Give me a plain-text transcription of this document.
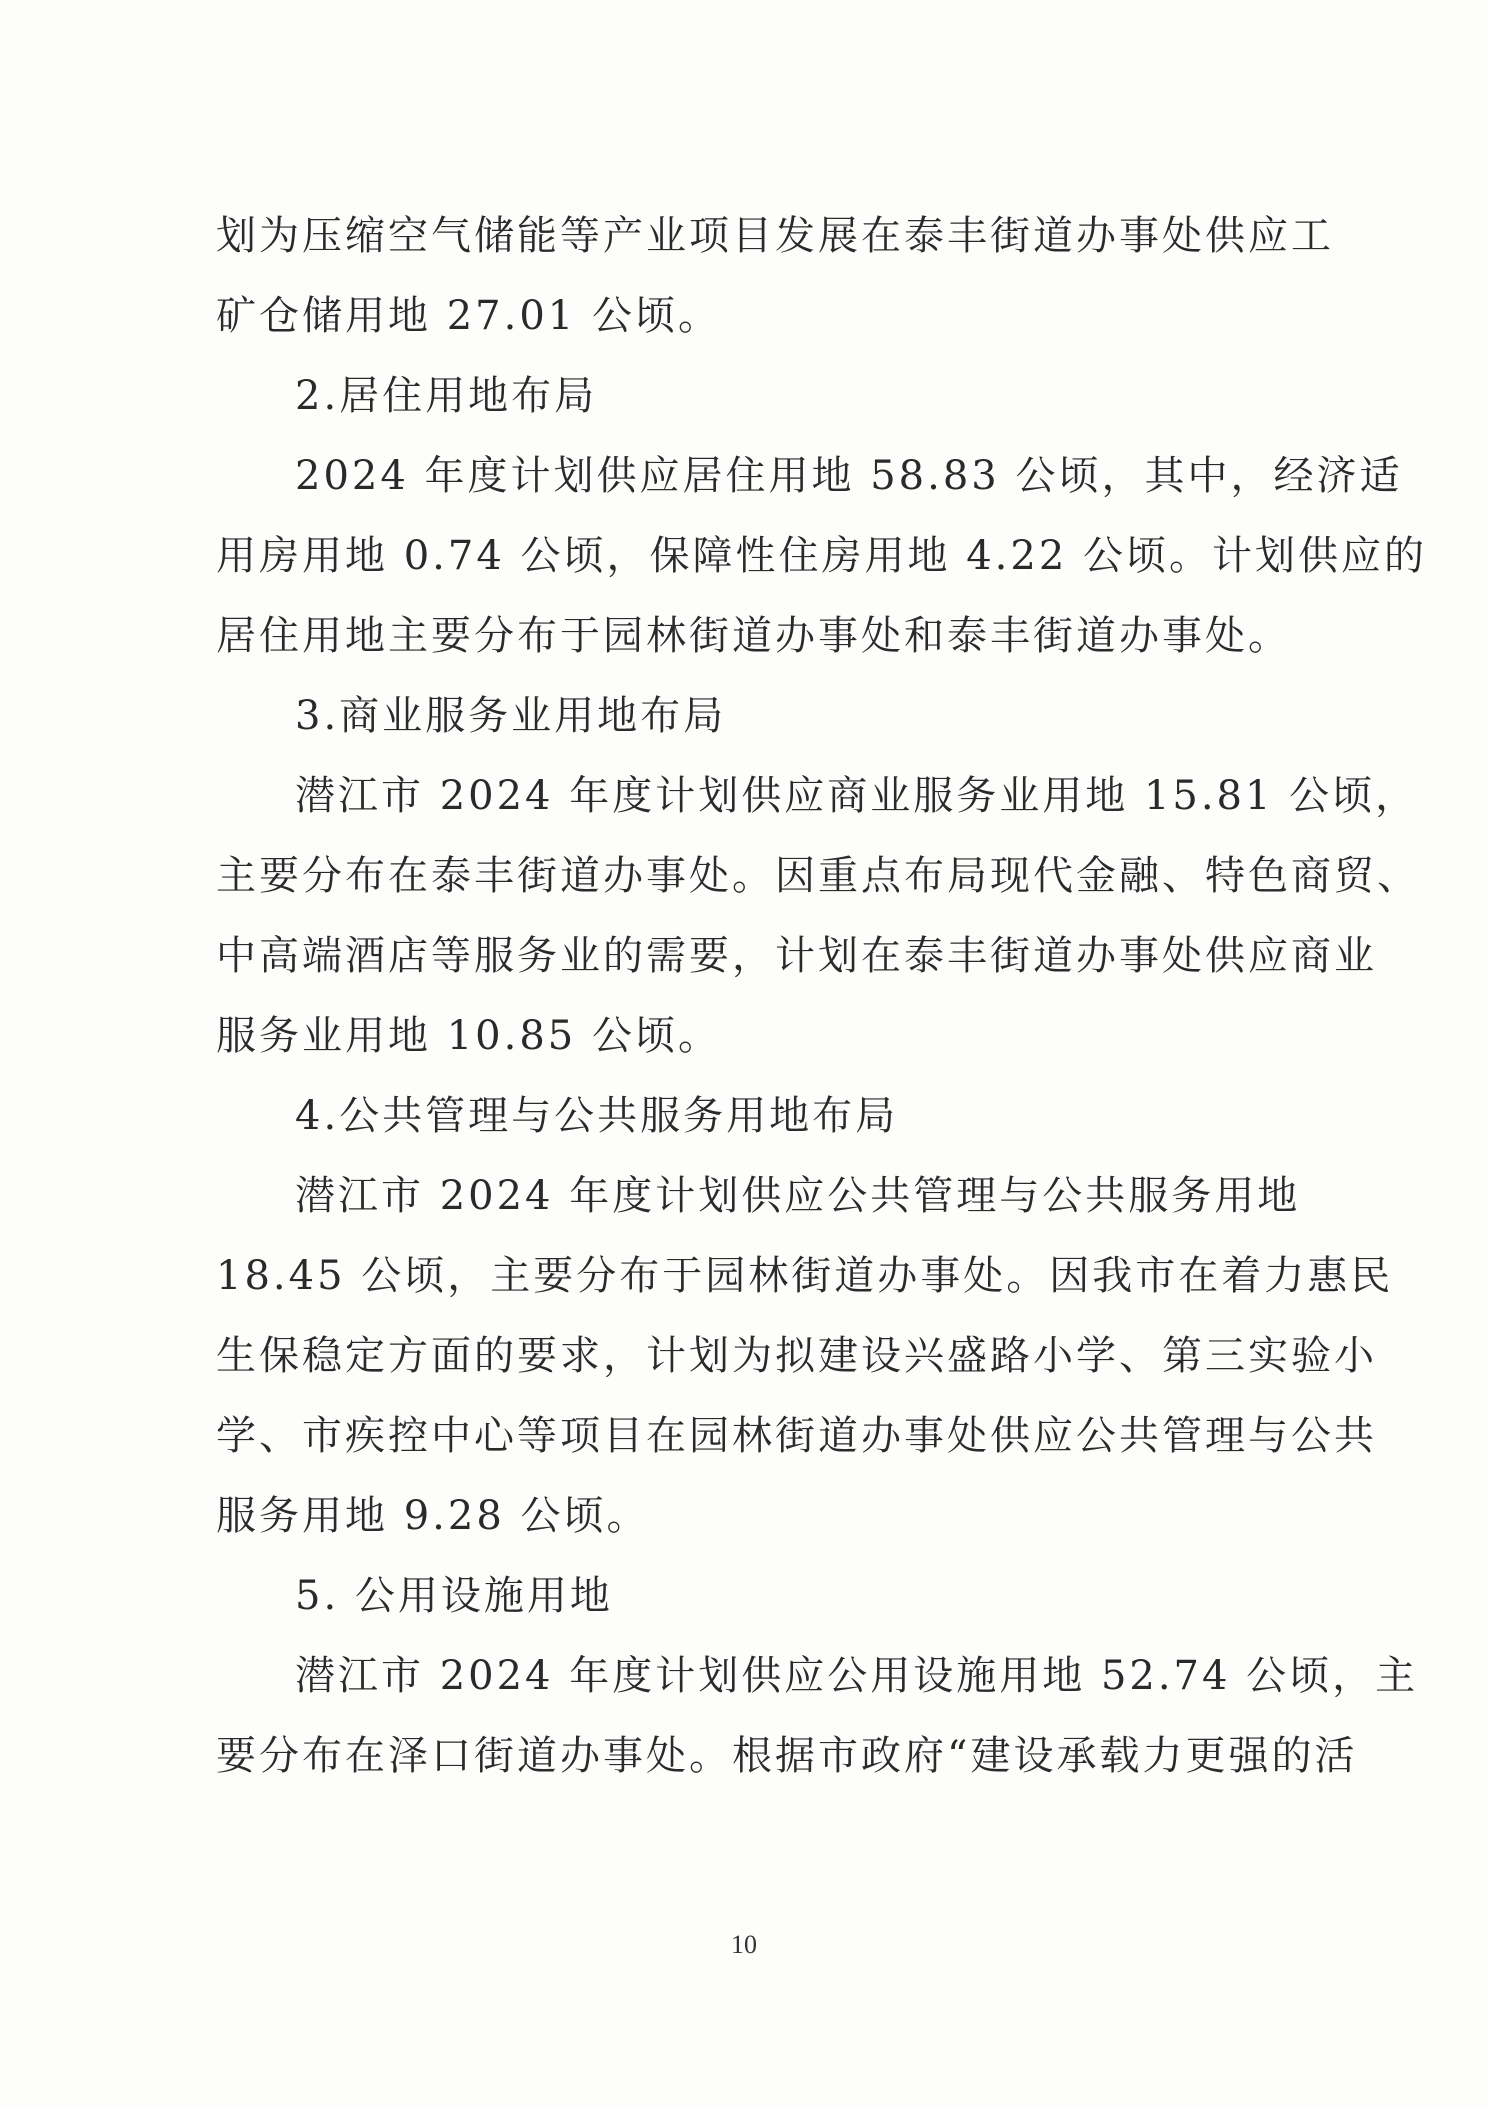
划为压缩空气储能等产业项目发展在泰丰街道办事处供应工
矿仓储用地 27.01 公顷。
2.居住用地布局
2024 年度计划供应居住用地 58.83 公顷，其中，经济适
用房用地 0.74 公顷，保障性住房用地 4.22 公顷。计划供应的
居住用地主要分布于园林街道办事处和泰丰街道办事处。
3.商业服务业用地布局
潜江市 2024 年度计划供应商业服务业用地 15.81 公顷，
主要分布在泰丰街道办事处。因重点布局现代金融、特色商贸、
中高端酒店等服务业的需要，计划在泰丰街道办事处供应商业
服务业用地 10.85 公顷。
4.公共管理与公共服务用地布局
潜江市 2024 年度计划供应公共管理与公共服务用地
18.45 公顷，主要分布于园林街道办事处。因我市在着力惠民
生保稳定方面的要求，计划为拟建设兴盛路小学、第三实验小
学、市疾控中心等项目在园林街道办事处供应公共管理与公共
服务用地 9.28 公顷。
5. 公用设施用地
潜江市 2024 年度计划供应公用设施用地 52.74 公顷，主
要分布在泽口街道办事处。根据市政府“建设承载力更强的活
10
